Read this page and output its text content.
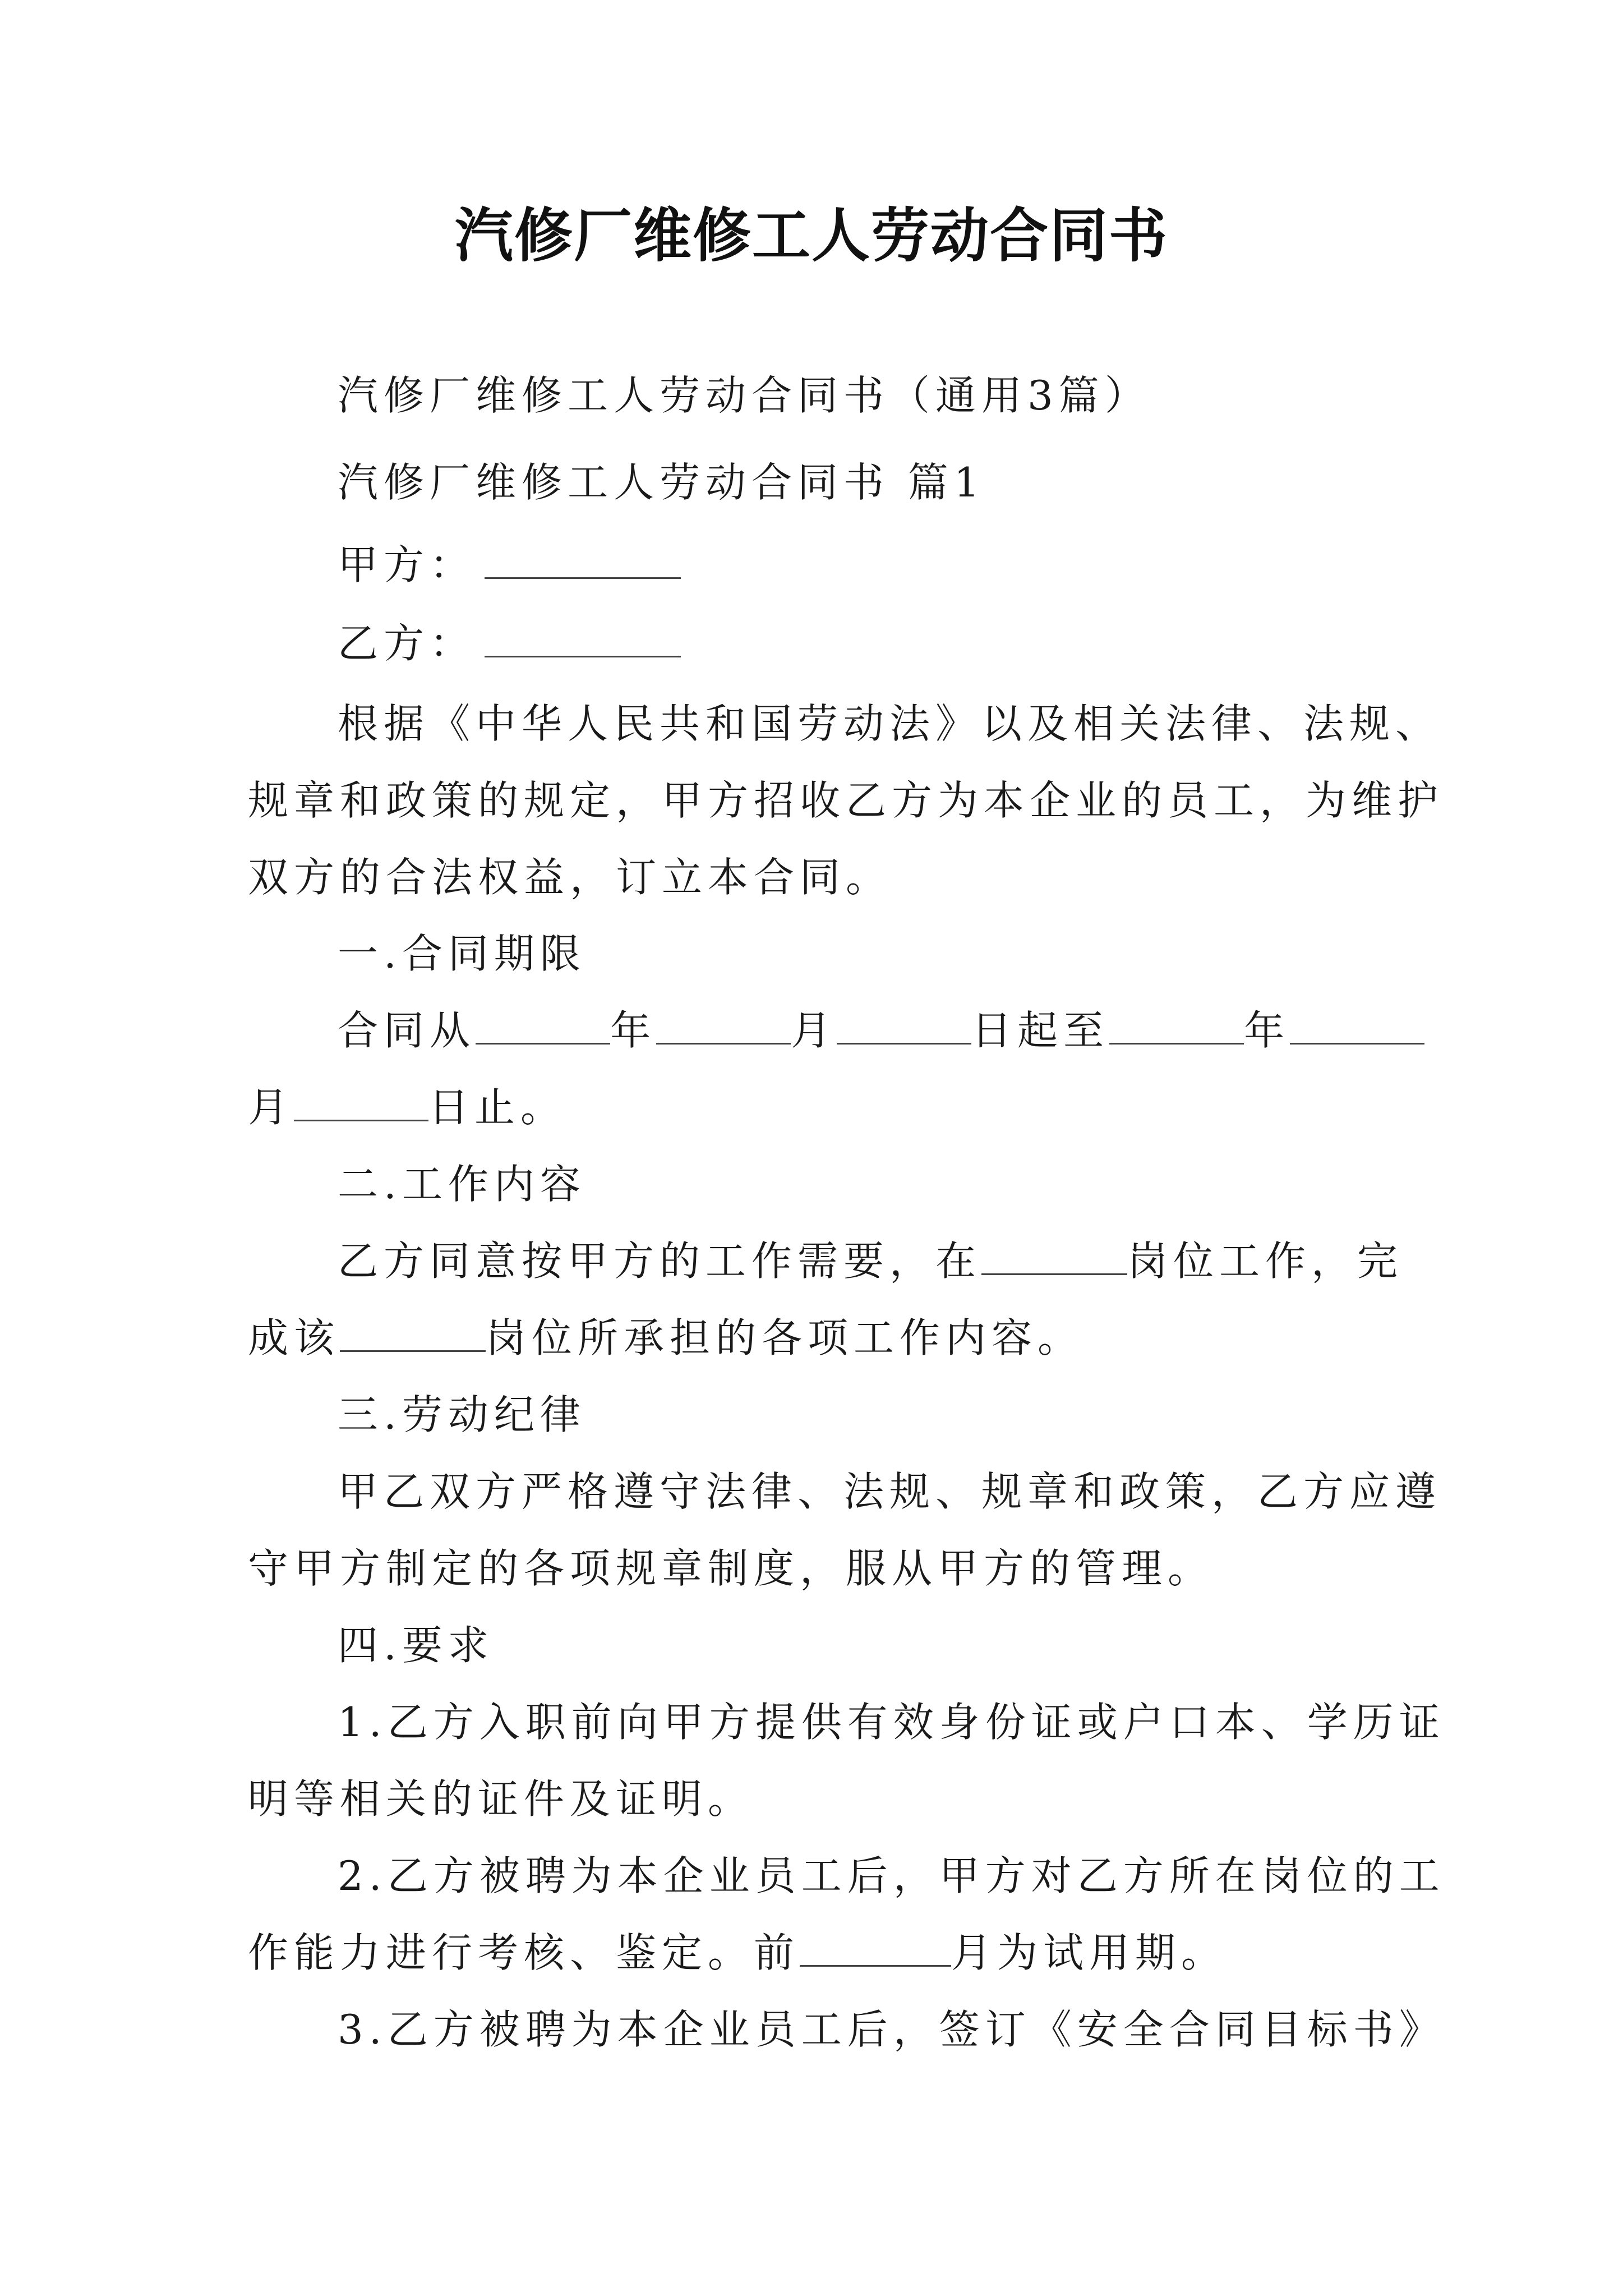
汽修厂维修工人劳动合同书
汽修厂维修工人劳动合同书（通用3篇）
汽修厂维修工人劳动合同书 篇1
甲方：
乙方：
根据《中华人民共和国劳动法》以及相关法律、法规、
规章和政策的规定，甲方招收乙方为本企业的员工，为维护
双方的合法权益，订立本合同。
一.合同期限
合同从	年	月	日起至	年
月	日止。
二.工作内容
乙方同意按甲方的工作需要，在	岗位工作，完
成该	岗位所承担的各项工作内容。
三.劳动纪律
甲乙双方严格遵守法律、法规、规章和政策，乙方应遵
守甲方制定的各项规章制度，服从甲方的管理。
四.要求
1.乙方入职前向甲方提供有效身份证或户口本、学历证
明等相关的证件及证明。
2.乙方被聘为本企业员工后，甲方对乙方所在岗位的工
作能力进行考核、鉴定。前	月为试用期。
3.乙方被聘为本企业员工后，签订《安全合同目标书》
